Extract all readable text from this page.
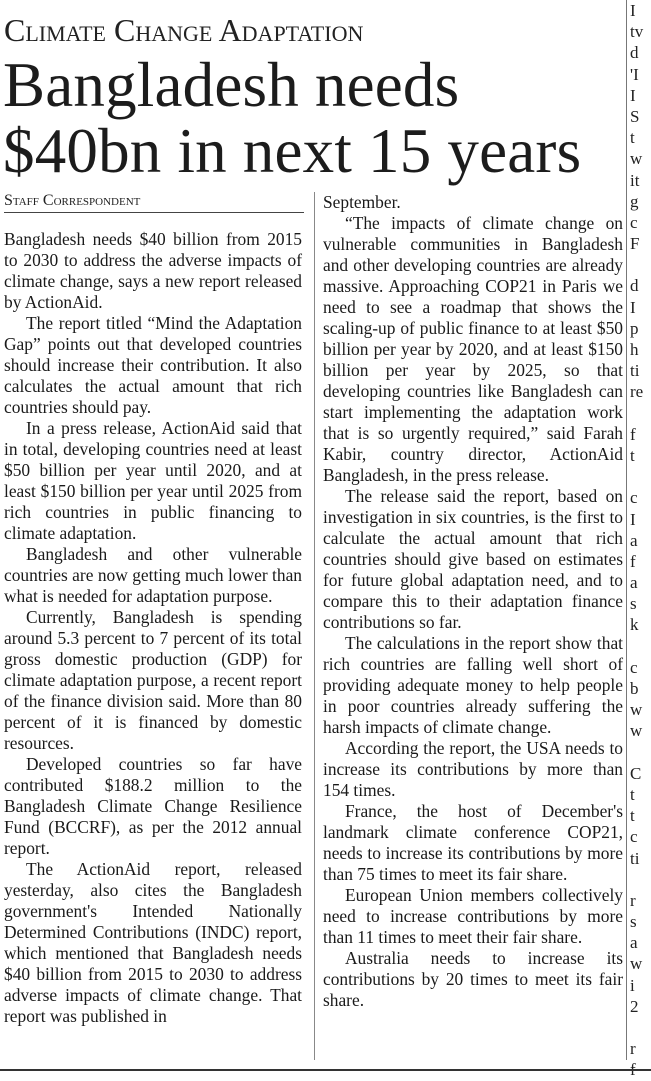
Climate Change Adaptation
Bangladesh needs $40bn in next 15 years
Staff Correspondent

Bangladesh needs $40 billion from 2015 to 2030 to address the adverse impacts of climate change, says a new report released by ActionAid.

The report titled “Mind the Adaptation Gap” points out that developed countries should increase their contribution. It also calculates the actual amount that rich countries should pay.

In a press release, ActionAid said that in total, developing countries need at least $50 billion per year until 2020, and at least $150 billion per year until 2025 from rich countries in public financing to climate adaptation.

Bangladesh and other vulnerable countries are now getting much lower than what is needed for adaptation purpose.

Currently, Bangladesh is spending around 5.3 percent to 7 percent of its total gross domestic production (GDP) for climate adaptation purpose, a recent report of the finance division said. More than 80 percent of it is financed by domestic resources.

Developed countries so far have contributed $188.2 million to the Bangladesh Climate Change Resilience Fund (BCCRF), as per the 2012 annual report.

The ActionAid report, released yesterday, also cites the Bangladesh government's Intended Nationally Determined Contributions (INDC) report, which mentioned that Bangladesh needs $40 billion from 2015 to 2030 to address adverse impacts of climate change. That report was published in

September.

“The impacts of climate change on vulnerable communities in Bangladesh and other developing countries are already massive. Approaching COP21 in Paris we need to see a roadmap that shows the scaling-up of public finance to at least $50 billion per year by 2020, and at least $150 billion per year by 2025, so that developing countries like Bangladesh can start implementing the adaptation work that is so urgently required,” said Farah Kabir, country director, ActionAid Bangladesh, in the press release.

The release said the report, based on investigation in six countries, is the first to calculate the actual amount that rich countries should give based on estimates for future global adaptation need, and to compare this to their adaptation finance contributions so far.

The calculations in the report show that rich countries are falling well short of providing adequate money to help people in poor countries already suffering the harsh impacts of climate change.

According the report, the USA needs to increase its contributions by more than 154 times.

France, the host of December's landmark climate conference COP21, needs to increase its contributions by more than 75 times to meet its fair share.

European Union members collectively need to increase contributions by more than 11 times to meet their fair share.

Australia needs to increase its contributions by 20 times to meet its fair share.

I
tv
d
'I
I
S
t
w
it
g
c
F
d
I
p
h
ti
re
f
t
c
I
a
f
a
s
k
c
b
w
w
C
t
t
c
ti
r
s
a
w
i
2
r
f
